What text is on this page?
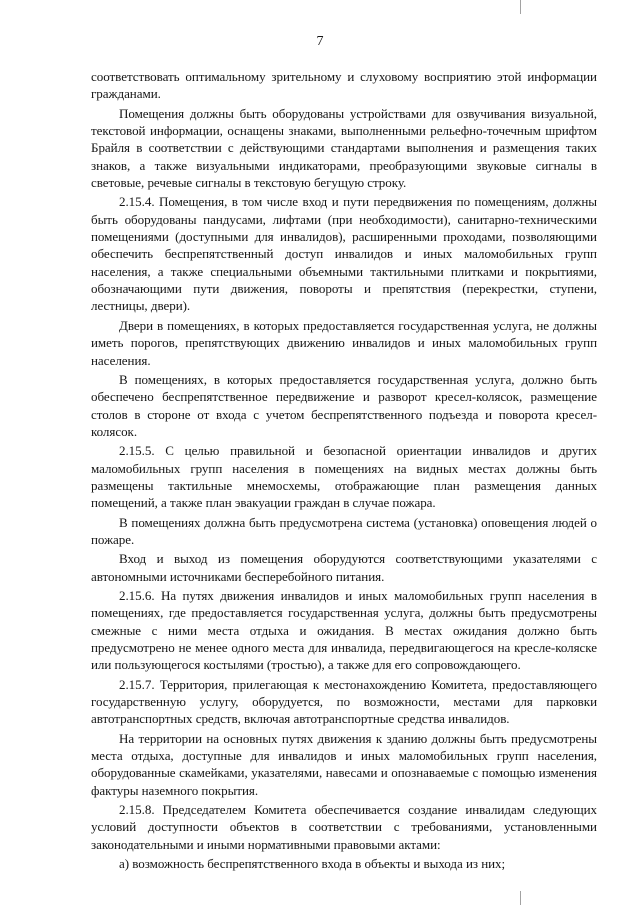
7

соответствовать оптимальному зрительному и слуховому восприятию этой информации гражданами.

Помещения должны быть оборудованы устройствами для озвучивания визуальной, текстовой информации, оснащены знаками, выполненными рельефно-точечным шрифтом Брайля в соответствии с действующими стандартами выполнения и размещения таких знаков, а также визуальными индикаторами, преобразующими звуковые сигналы в световые, речевые сигналы в текстовую бегущую строку.

2.15.4. Помещения, в том числе вход и пути передвижения по помещениям, должны быть оборудованы пандусами, лифтами (при необходимости), санитарно-техническими помещениями (доступными для инвалидов), расширенными проходами, позволяющими обеспечить беспрепятственный доступ инвалидов и иных маломобильных групп населения, а также специальными объемными тактильными плитками и покрытиями, обозначающими пути движения, повороты и препятствия (перекрестки, ступени, лестницы, двери).

Двери в помещениях, в которых предоставляется государственная услуга, не должны иметь порогов, препятствующих движению инвалидов и иных маломобильных групп населения.

В помещениях, в которых предоставляется государственная услуга, должно быть обеспечено беспрепятственное передвижение и разворот кресел-колясок, размещение столов в стороне от входа с учетом беспрепятственного подъезда и поворота кресел-колясок.

2.15.5. С целью правильной и безопасной ориентации инвалидов и других маломобильных групп населения в помещениях на видных местах должны быть размещены тактильные мнемосхемы, отображающие план размещения данных помещений, а также план эвакуации граждан в случае пожара.

В помещениях должна быть предусмотрена система (установка) оповещения людей о пожаре.

Вход и выход из помещения оборудуются соответствующими указателями с автономными источниками бесперебойного питания.

2.15.6. На путях движения инвалидов и иных маломобильных групп населения в помещениях, где предоставляется государственная услуга, должны быть предусмотрены смежные с ними места отдыха и ожидания. В местах ожидания должно быть предусмотрено не менее одного места для инвалида, передвигающегося на кресле-коляске или пользующегося костылями (тростью), а также для его сопровождающего.

2.15.7. Территория, прилегающая к местонахождению Комитета, предоставляющего государственную услугу, оборудуется, по возможности, местами для парковки автотранспортных средств, включая автотранспортные средства инвалидов.

На территории на основных путях движения к зданию должны быть предусмотрены места отдыха, доступные для инвалидов и иных маломобильных групп населения, оборудованные скамейками, указателями, навесами и опознаваемые с помощью изменения фактуры наземного покрытия.

2.15.8. Председателем Комитета обеспечивается создание инвалидам следующих условий доступности объектов в соответствии с требованиями, установленными законодательными и иными нормативными правовыми актами:

а) возможность беспрепятственного входа в объекты и выхода из них;
